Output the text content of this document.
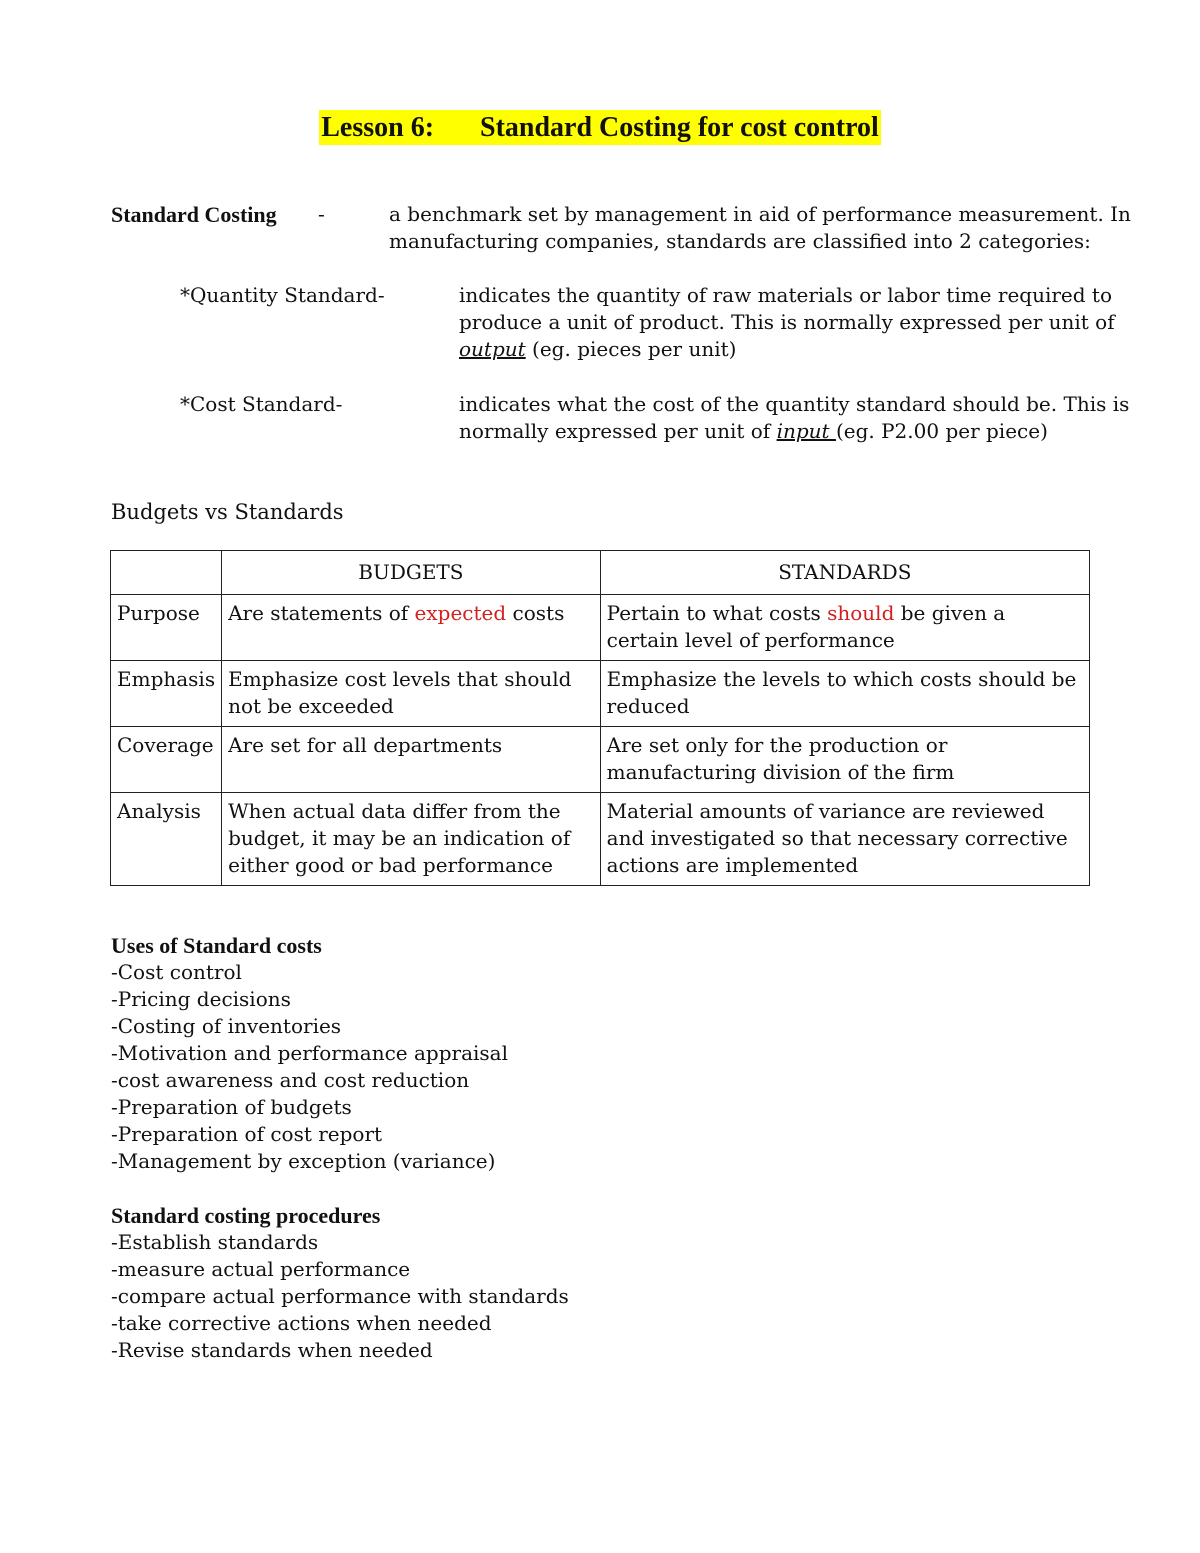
Lesson 6: Standard Costing for cost control
Standard Costing -	a benchmark set by management in aid of performance measurement. In
manufacturing companies, standards are classified into 2 categories:
*Quantity Standard-	indicates the quantity of raw materials or labor time required to
produce a unit of product. This is normally expressed per unit of
output (eg. pieces per unit)
*Cost Standard-	indicates what the cost of the quantity standard should be. This is
normally expressed per unit of input (eg. P2.00 per piece)
Budgets vs Standards
	BUDGETS	STANDARDS
Purpose	Are statements of expected costs	Pertain to what costs should be given a certain level of performance
Emphasis	Emphasize cost levels that should not be exceeded	Emphasize the levels to which costs should be reduced
Coverage	Are set for all departments	Are set only for the production or manufacturing division of the firm
Analysis	When actual data differ from the budget, it may be an indication of either good or bad performance	Material amounts of variance are reviewed and investigated so that necessary corrective actions are implemented
Uses of Standard costs
-Cost control
-Pricing decisions
-Costing of inventories
-Motivation and performance appraisal
-cost awareness and cost reduction
-Preparation of budgets
-Preparation of cost report
-Management by exception (variance)
Standard costing procedures
-Establish standards
-measure actual performance
-compare actual performance with standards
-take corrective actions when needed
-Revise standards when needed
